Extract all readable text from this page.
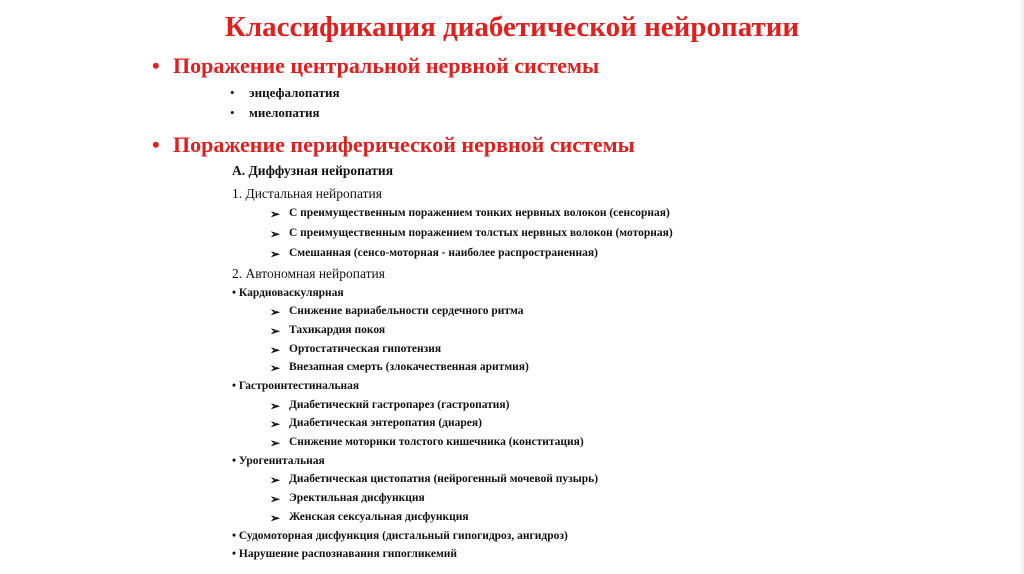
Классификация диабетической нейропатии
• Поражение центральной нервной системы
• энцефалопатия
• миелопатия
• Поражение периферической нервной системы
А. Диффузная нейропатия
1. Дистальная нейропатия
➢ С преимущественным поражением тонких нервных волокон (сенсорная)
➢ С преимущественным поражением толстых нервных волокон (моторная)
➢ Смешанная (сенсо-моторная - наиболее распространенная)
2. Автономная нейропатия
• Кардиоваскулярная
➢ Снижение вариабельности сердечного ритма
➢ Тахикардия покоя
➢ Ортостатическая гипотензия
➢ Внезапная смерть (злокачественная аритмия)
• Гастроинтестинальная
➢ Диабетический гастропарез (гастропатия)
➢ Диабетическая энтеропатия (диарея)
➢ Снижение моторики толстого кишечника (конститация)
• Урогенитальная
➢ Диабетическая цистопатия (нейрогенный мочевой пузырь)
➢ Эректильная дисфункция
➢ Женская сексуальная дисфункция
• Судомоторная дисфункция (дистальный гипогидроз, ангидроз)
• Нарушение распознавания гипогликемий
